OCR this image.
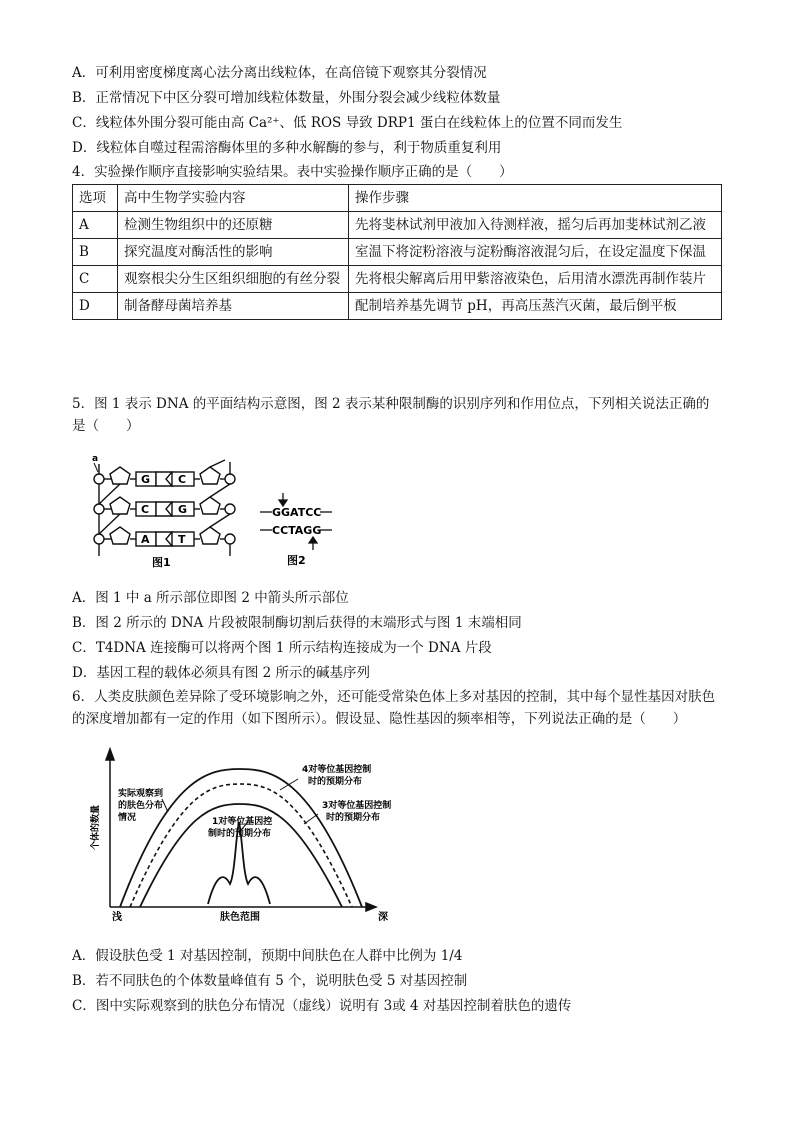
A．可利用密度梯度离心法分离出线粒体，在高倍镜下观察其分裂情况
B．正常情况下中区分裂可增加线粒体数量，外围分裂会减少线粒体数量
C．线粒体外围分裂可能由高 Ca²⁺、低 ROS 导致 DRP1 蛋白在线粒体上的位置不同而发生
D．线粒体自噬过程需溶酶体里的多种水解酶的参与，利于物质重复利用
4．实验操作顺序直接影响实验结果。表中实验操作顺序正确的是（　　）
选项	高中生物学实验内容	操作步骤
A	检测生物组织中的还原糖	先将斐林试剂甲液加入待测样液，摇匀后再加斐林试剂乙液
B	探究温度对酶活性的影响	室温下将淀粉溶液与淀粉酶溶液混匀后，在设定温度下保温
C	观察根尖分生区组织细胞的有丝分裂	先将根尖解离后用甲紫溶液染色，后用清水漂洗再制作装片
D	制备酵母菌培养基	配制培养基先调节 pH，再高压蒸汽灭菌，最后倒平板
5．图 1 表示 DNA 的平面结构示意图，图 2 表示某种限制酶的识别序列和作用位点，下列相关说法正确的是（　　）
a
G
C
A
C
G
T
图1
GGATCC
CCTAGG
图2
A．图 1 中 a 所示部位即图 2 中箭头所示部位
B．图 2 所示的 DNA 片段被限制酶切割后获得的末端形式与图 1 末端相同
C．T4DNA 连接酶可以将两个图 1 所示结构连接成为一个 DNA 片段
D．基因工程的载体必须具有图 2 所示的碱基序列
6．人类皮肤颜色差异除了受环境影响之外，还可能受常染色体上多对基因的控制，其中每个显性基因对肤色的深度增加都有一定的作用（如下图所示）。假设显、隐性基因的频率相等，下列说法正确的是（　　）
个体的数量
实际观察到 的肤色分布 情况
4对等位基因控制 时的预期分布
3对等位基因控制 时的预期分布
1对等位基因控 制时的预期分布
浅	肤色范围	深
A．假设肤色受 1 对基因控制，预期中间肤色在人群中比例为 1/4
B．若不同肤色的个体数量峰值有 5 个，说明肤色受 5 对基因控制
C．图中实际观察到的肤色分布情况（虚线）说明有 3或 4 对基因控制着肤色的遗传
